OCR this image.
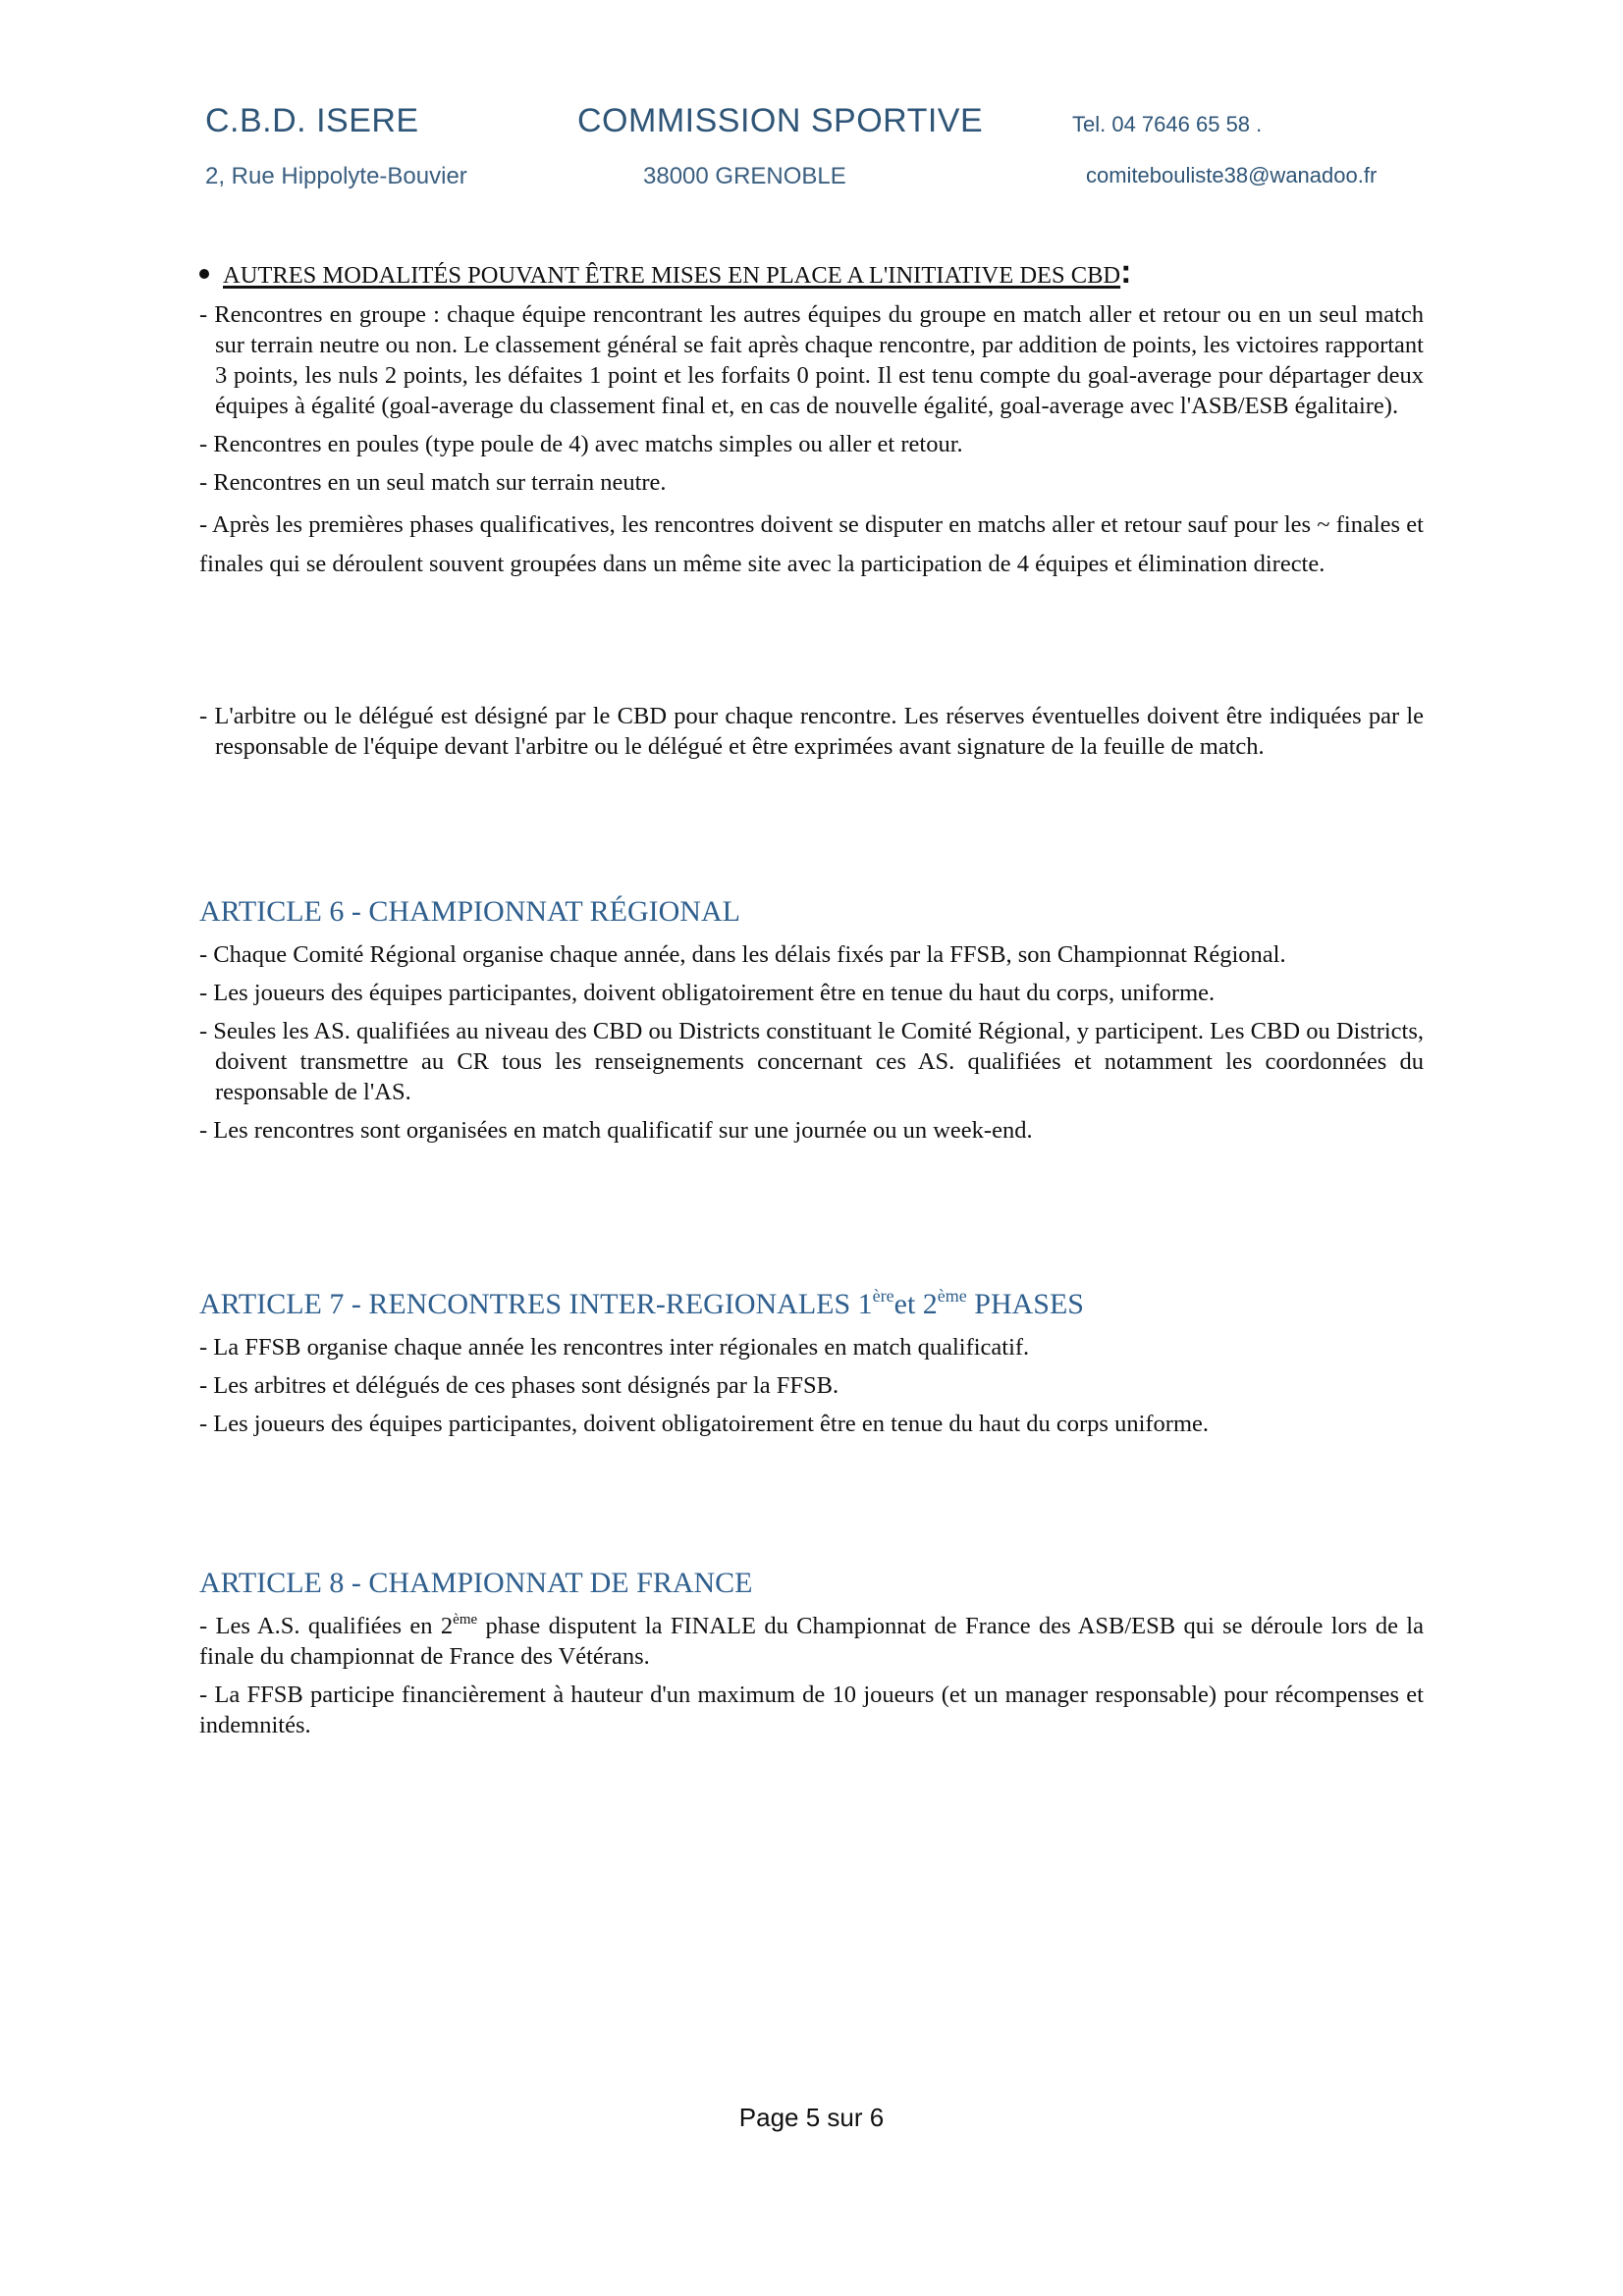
C.B.D. ISERE	COMMISSION SPORTIVE	Tel. 04 7646 65 58 .
2, Rue Hippolyte-Bouvier	38000 GRENOBLE	comitebouliste38@wanadoo.fr
AUTRES MODALITÉS POUVANT ÊTRE MISES EN PLACE A L'INITIATIVE DES CBD:

- Rencontres en groupe : chaque équipe rencontrant les autres équipes du groupe en match aller et retour ou en un seul match sur terrain neutre ou non. Le classement général se fait après chaque rencontre, par addition de points, les victoires rapportant 3 points, les nuls 2 points, les défaites 1 point et les forfaits 0 point. Il est tenu compte du goal-average pour départager deux équipes à égalité (goal-average du classement final et, en cas de nouvelle égalité, goal-average avec l'ASB/ESB égalitaire).

- Rencontres en poules (type poule de 4) avec matchs simples ou aller et retour.

- Rencontres en un seul match sur terrain neutre.

- Après les premières phases qualificatives, les rencontres doivent se disputer en matchs aller et retour sauf pour les ~ finales et finales qui se déroulent souvent groupées dans un même site avec la participation de 4 équipes et élimination directe.

- L'arbitre ou le délégué est désigné par le CBD pour chaque rencontre. Les réserves éventuelles doivent être indiquées par le responsable de l'équipe devant l'arbitre ou le délégué et être exprimées avant signature de la feuille de match.

ARTICLE 6 - CHAMPIONNAT RÉGIONAL

- Chaque Comité Régional organise chaque année, dans les délais fixés par la FFSB, son Championnat Régional.

- Les joueurs des équipes participantes, doivent obligatoirement être en tenue du haut du corps, uniforme.

- Seules les AS. qualifiées au niveau des CBD ou Districts constituant le Comité Régional, y participent. Les CBD ou Districts, doivent transmettre au CR tous les renseignements concernant ces AS. qualifiées et notamment les coordonnées du responsable de l'AS.

- Les rencontres sont organisées en match qualificatif sur une journée ou un week-end.

ARTICLE 7 - RENCONTRES INTER-REGIONALES 1èreet 2ème PHASES

- La FFSB organise chaque année les rencontres inter régionales en match qualificatif.

- Les arbitres et délégués de ces phases sont désignés par la FFSB.

- Les joueurs des équipes participantes, doivent obligatoirement être en tenue du haut du corps uniforme.

ARTICLE 8 - CHAMPIONNAT DE FRANCE

- Les A.S. qualifiées en 2ème phase disputent la FINALE du Championnat de France des ASB/ESB qui se déroule lors de la finale du championnat de France des Vétérans.

- La FFSB participe financièrement à hauteur d'un maximum de 10 joueurs (et un manager responsable) pour récompenses et indemnités.

Page 5 sur 6
